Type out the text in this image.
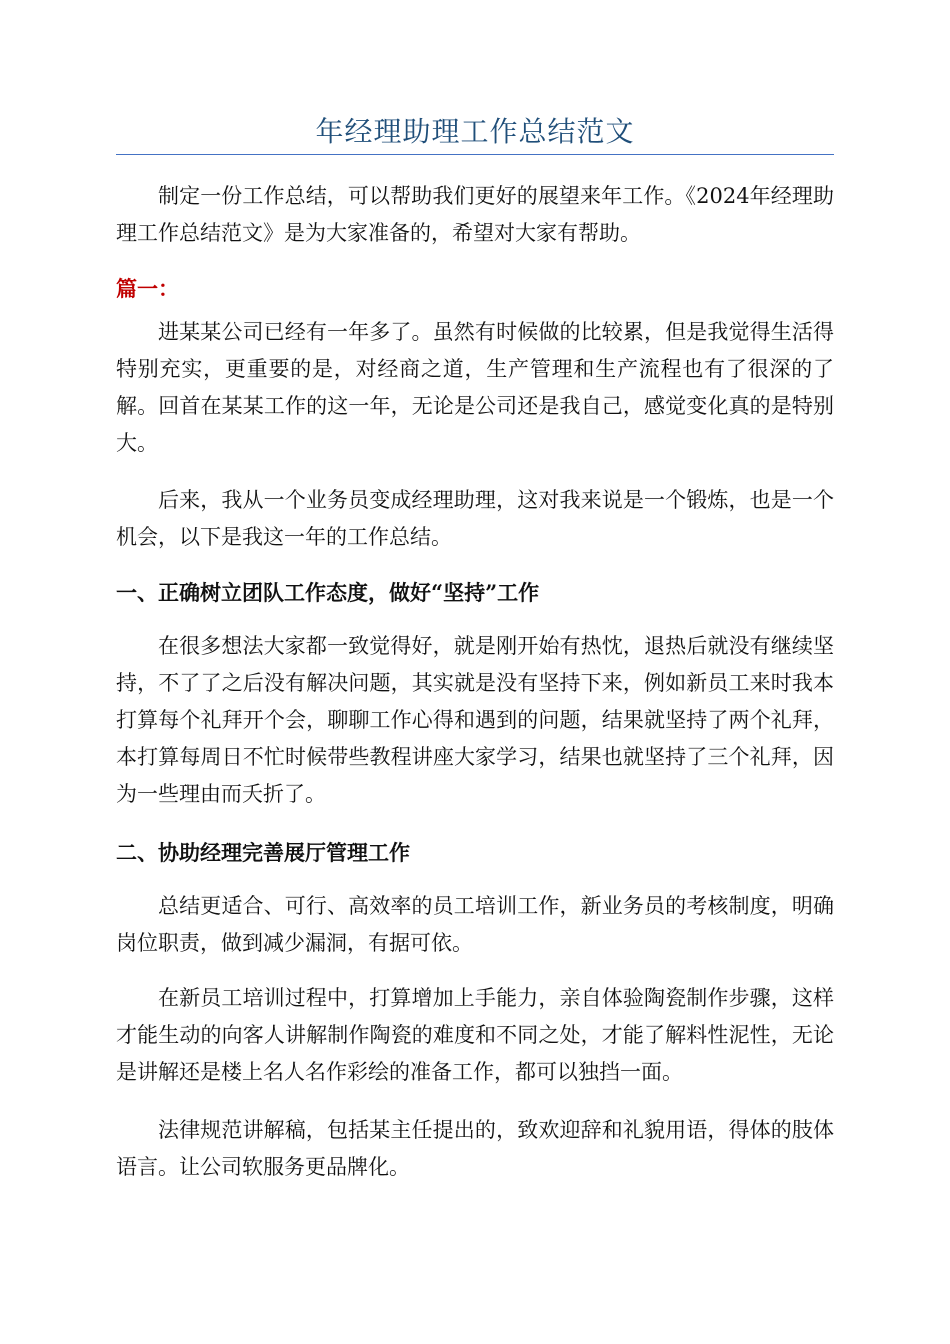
年经理助理工作总结范文

制定一份工作总结，可以帮助我们更好的展望来年工作。《2024年经理助理工作总结范文》是为大家准备的，希望对大家有帮助。

篇一：

进某某公司已经有一年多了。虽然有时候做的比较累，但是我觉得生活得特别充实，更重要的是，对经商之道，生产管理和生产流程也有了很深的了解。回首在某某工作的这一年，无论是公司还是我自己，感觉变化真的是特别大。

后来，我从一个业务员变成经理助理，这对我来说是一个锻炼，也是一个机会，以下是我这一年的工作总结。

一、正确树立团队工作态度，做好“坚持”工作

在很多想法大家都一致觉得好，就是刚开始有热忱，退热后就没有继续坚持，不了了之后没有解决问题，其实就是没有坚持下来，例如新员工来时我本打算每个礼拜开个会，聊聊工作心得和遇到的问题，结果就坚持了两个礼拜，本打算每周日不忙时候带些教程讲座大家学习，结果也就坚持了三个礼拜，因为一些理由而夭折了。

二、协助经理完善展厅管理工作

总结更适合、可行、高效率的员工培训工作，新业务员的考核制度，明确岗位职责，做到减少漏洞，有据可依。

在新员工培训过程中，打算增加上手能力，亲自体验陶瓷制作步骤，这样才能生动的向客人讲解制作陶瓷的难度和不同之处，才能了解料性泥性，无论是讲解还是楼上名人名作彩绘的准备工作，都可以独挡一面。

法律规范讲解稿，包括某主任提出的，致欢迎辞和礼貌用语，得体的肢体语言。让公司软服务更品牌化。
